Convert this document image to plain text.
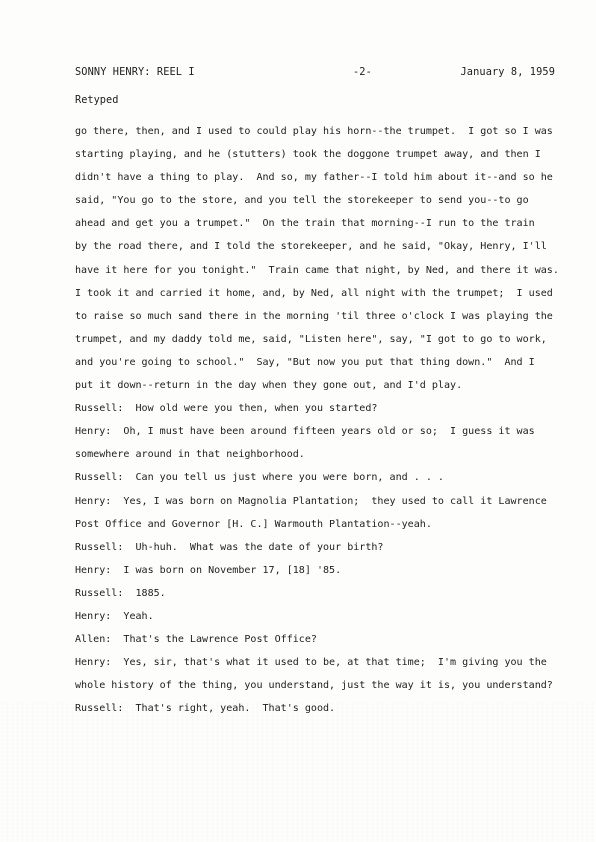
SONNY HENRY: REEL I	-2-	January 8, 1959
Retyped
go there, then, and I used to could play his horn--the trumpet.  I got so I was
starting playing, and he (stutters) took the doggone trumpet away, and then I
didn't have a thing to play.  And so, my father--I told him about it--and so he
said, "You go to the store, and you tell the storekeeper to send you--to go
ahead and get you a trumpet."  On the train that morning--I run to the train
by the road there, and I told the storekeeper, and he said, "Okay, Henry, I'll
have it here for you tonight."  Train came that night, by Ned, and there it was.
I took it and carried it home, and, by Ned, all night with the trumpet;  I used
to raise so much sand there in the morning 'til three o'clock I was playing the
trumpet, and my daddy told me, said, "Listen here", say, "I got to go to work,
and you're going to school."  Say, "But now you put that thing down."  And I
put it down--return in the day when they gone out, and I'd play.
Russell:  How old were you then, when you started?
Henry:  Oh, I must have been around fifteen years old or so;  I guess it was
somewhere around in that neighborhood.
Russell:  Can you tell us just where you were born, and . . .
Henry:  Yes, I was born on Magnolia Plantation;  they used to call it Lawrence
Post Office and Governor [H. C.] Warmouth Plantation--yeah.
Russell:  Uh-huh.  What was the date of your birth?
Henry:  I was born on November 17, [18] '85.
Russell:  1885.
Henry:  Yeah.
Allen:  That's the Lawrence Post Office?
Henry:  Yes, sir, that's what it used to be, at that time;  I'm giving you the
whole history of the thing, you understand, just the way it is, you understand?
Russell:  That's right, yeah.  That's good.
